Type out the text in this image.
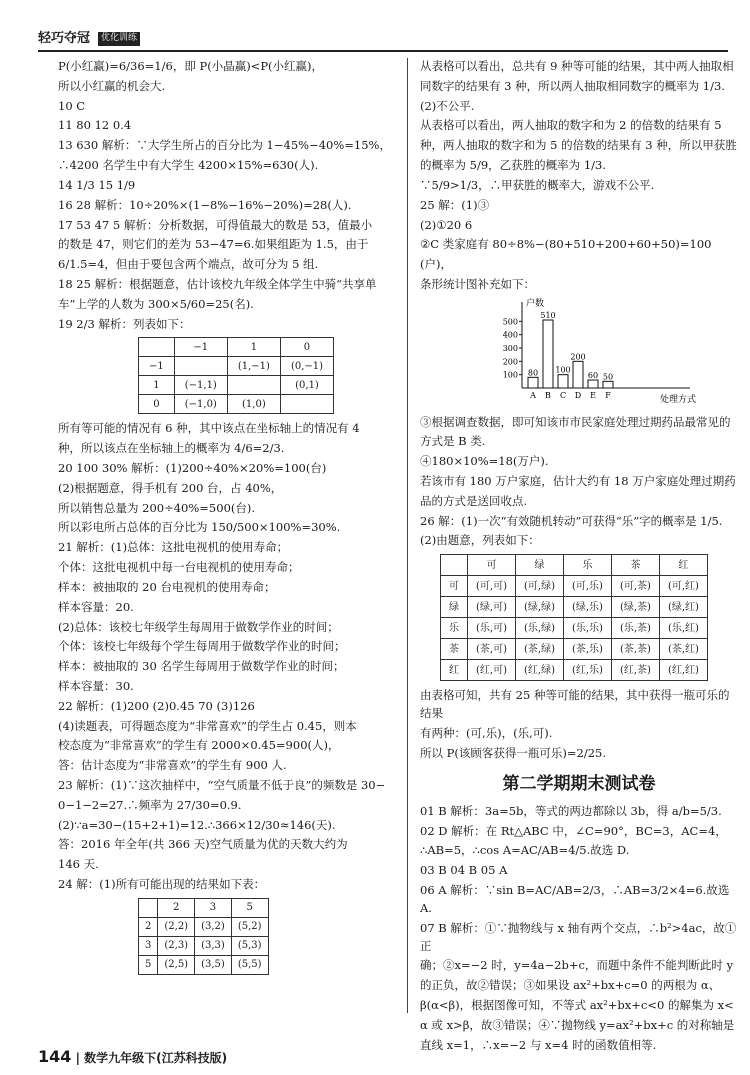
轻巧夺冠	优化训练

P(小红赢)=6/36=1/6，即 P(小晶赢)<P(小红赢)，

所以小红赢的机会大.

10 C

11 80 12 0.4

13 630 解析：∵大学生所占的百分比为 1−45%−40%=15%，

∴4200 名学生中有大学生 4200×15%=630(人).

14 1/3 15 1/9

16 28 解析：10÷20%×(1−8%−16%−20%)=28(人).

17 53 47 5 解析：分析数据，可得值最大的数是 53，值最小

的数是 47，则它们的差为 53−47=6.如果组距为 1.5，由于

6/1.5=4，但由于要包含两个端点，故可分为 5 组.

18 25 解析：根据题意，估计该校九年级全体学生中骑“共享单

车”上学的人数为 300×5/60=25(名).

19 2/3 解析：列表如下：

	−1	1	0
−1		(1,−1)	(0,−1)
1	(−1,1)		(0,1)
0	(−1,0)	(1,0)	

所有等可能的情况有 6 种，其中该点在坐标轴上的情况有 4

种，所以该点在坐标轴上的概率为 4/6=2/3.

20 100 30% 解析：(1)200÷40%×20%=100(台)

(2)根据题意，得手机有 200 台，占 40%，

所以销售总量为 200÷40%=500(台).

所以彩电所占总体的百分比为 150/500×100%=30%.

21 解析：(1)总体：这批电视机的使用寿命；

个体：这批电视机中每一台电视机的使用寿命；

样本：被抽取的 20 台电视机的使用寿命；

样本容量：20.

(2)总体：该校七年级学生每周用于做数学作业的时间；

个体：该校七年级每个学生每周用于做数学作业的时间；

样本：被抽取的 30 名学生每周用于做数学作业的时间；

样本容量：30.

22 解析：(1)200 (2)0.45 70 (3)126

(4)读题表，可得题态度为“非常喜欢”的学生占 0.45，则本

校态度为“非常喜欢”的学生有 2000×0.45=900(人)，

答：估计态度为“非常喜欢”的学生有 900 人.

23 解析：(1)∵这次抽样中，“空气质量不低于良”的频数是 30−

0−1−2=27.∴频率为 27/30=0.9.

(2)∵a=30−(15+2+1)=12.∴366×12/30≈146(天).

答：2016 年全年(共 366 天)空气质量为优的天数大约为

146 天.

24 解：(1)所有可能出现的结果如下表：

	2	3	5
2	(2,2)	(3,2)	(5,2)
3	(2,3)	(3,3)	(5,3)
5	(2,5)	(3,5)	(5,5)

从表格可以看出，总共有 9 种等可能的结果，其中两人抽取相

同数字的结果有 3 种，所以两人抽取相同数字的概率为 1/3.

(2)不公平.

从表格可以看出，两人抽取的数字和为 2 的倍数的结果有 5

种，两人抽取的数字和为 5 的倍数的结果有 3 种，所以甲获胜

的概率为 5/9，乙获胜的概率为 1/3.

∵5/9>1/3，∴甲获胜的概率大，游戏不公平.

25 解：(1)③

(2)①20 6

②C 类家庭有 80÷8%−(80+510+200+60+50)=100

(户)，

条形统计图补充如下：

户数
处理方式
100
200
300
400
500
80
A
510
B
100
C
200
D
60
E
50
F

③根据调查数据，即可知该市市民家庭处理过期药品最常见的

方式是 B 类.

④180×10%=18(万户).

若该市有 180 万户家庭，估计大约有 18 万户家庭处理过期药

品的方式是送回收点.

26 解：(1)一次“有效随机转动”可获得“乐”字的概率是 1/5.

(2)由题意，列表如下：

	可	绿	乐	茶	红
可	(可,可)	(可,绿)	(可,乐)	(可,茶)	(可,红)
绿	(绿,可)	(绿,绿)	(绿,乐)	(绿,茶)	(绿,红)
乐	(乐,可)	(乐,绿)	(乐,乐)	(乐,茶)	(乐,红)
茶	(茶,可)	(茶,绿)	(茶,乐)	(茶,茶)	(茶,红)
红	(红,可)	(红,绿)	(红,乐)	(红,茶)	(红,红)

由表格可知，共有 25 种等可能的结果，其中获得一瓶可乐的结果

有两种：(可,乐)，(乐,可).

所以 P(该顾客获得一瓶可乐)=2/25.

第二学期期末测试卷

01 B 解析：3a=5b，等式的两边都除以 3b，得 a/b=5/3.

02 D 解析：在 Rt△ABC 中，∠C=90°，BC=3，AC=4，

∴AB=5，∴cos A=AC/AB=4/5.故选 D.

03 B 04 B 05 A

06 A 解析：∵sin B=AC/AB=2/3，∴AB=3/2×4=6.故选 A.

07 B 解析：①∵抛物线与 x 轴有两个交点，∴b²>4ac，故①正

确；②x=−2 时，y=4a−2b+c，而题中条件不能判断此时 y

的正负，故②错误；③如果设 ax²+bx+c=0 的两根为 α、

β(α<β)，根据图像可知，不等式 ax²+bx+c<0 的解集为 x<

α 或 x>β，故③错误；④∵抛物线 y=ax²+bx+c 的对称轴是

直线 x=1，∴x=−2 与 x=4 时的函数值相等.

144 | 数学九年级下(江苏科技版)
